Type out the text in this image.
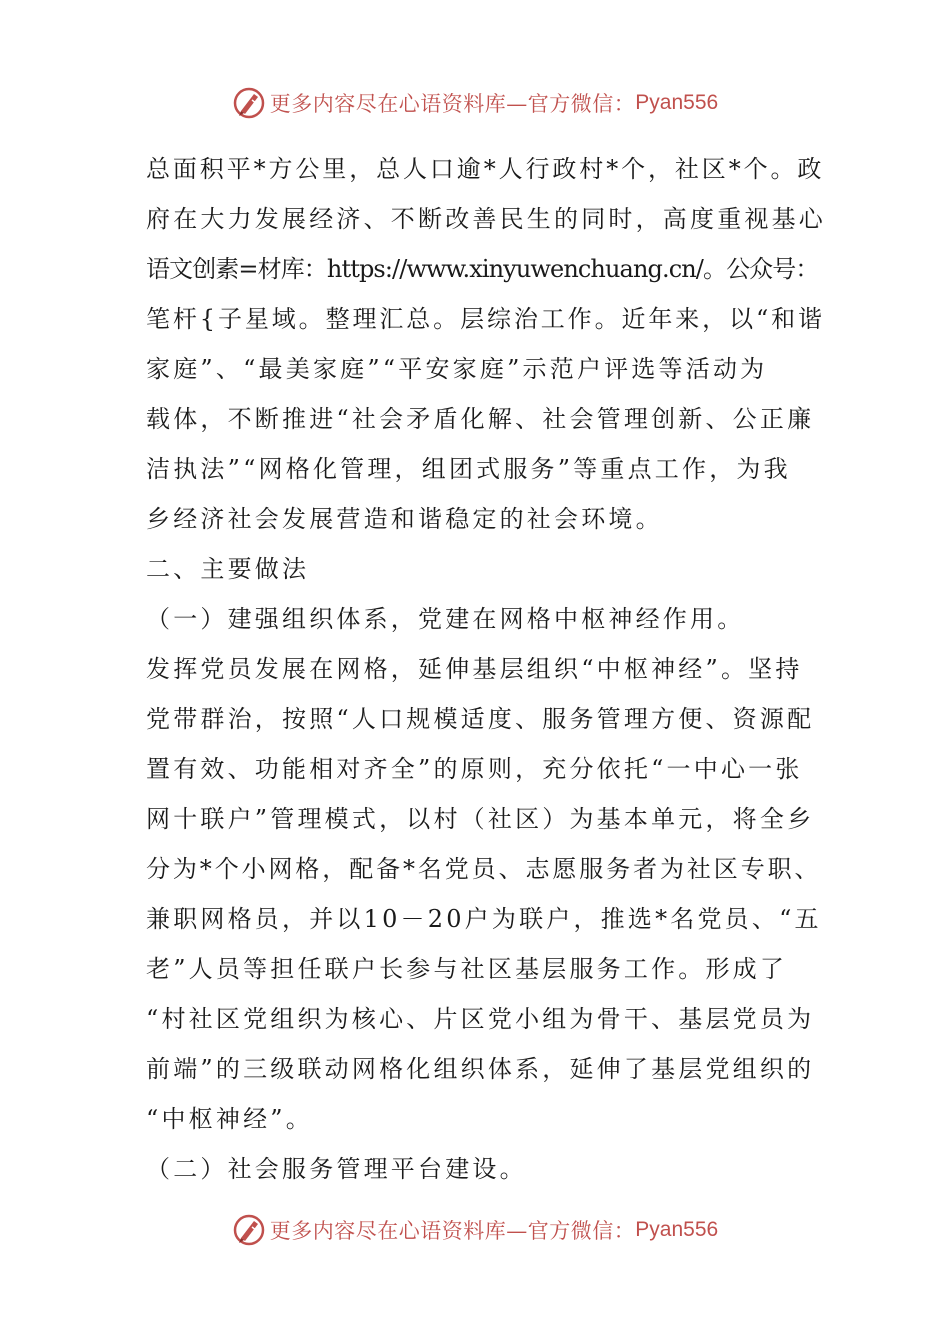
更多内容尽在心语资料库—官方微信： Pyan556
总面积平*方公里，总人口逾*人行政村*个，社区*个。政
府在大力发展经济、不断改善民生的同时，高度重视基心
语文创素=材库：https://www.xinyuwenchuang.cn/。公众号：
笔杆{子星域。整理汇总。层综治工作。近年来，以“和谐
家庭”、“最美家庭”“平安家庭”示范户评选等活动为
载体，不断推进“社会矛盾化解、社会管理创新、公正廉
洁执法”“网格化管理，组团式服务”等重点工作，为我
乡经济社会发展营造和谐稳定的社会环境。
二、主要做法
（一）建强组织体系，党建在网格中枢神经作用。
发挥党员发展在网格，延伸基层组织“中枢神经”。坚持
党带群治，按照“人口规模适度、服务管理方便、资源配
置有效、功能相对齐全”的原则，充分依托“一中心一张
网十联户”管理模式，以村（社区）为基本单元，将全乡
分为*个小网格，配备*名党员、志愿服务者为社区专职、
兼职网格员，并以10－20户为联户，推选*名党员、“五
老”人员等担任联户长参与社区基层服务工作。形成了
“村社区党组织为核心、片区党小组为骨干、基层党员为
前端”的三级联动网格化组织体系，延伸了基层党组织的
“中枢神经”。
（二）社会服务管理平台建设。
更多内容尽在心语资料库—官方微信： Pyan556
